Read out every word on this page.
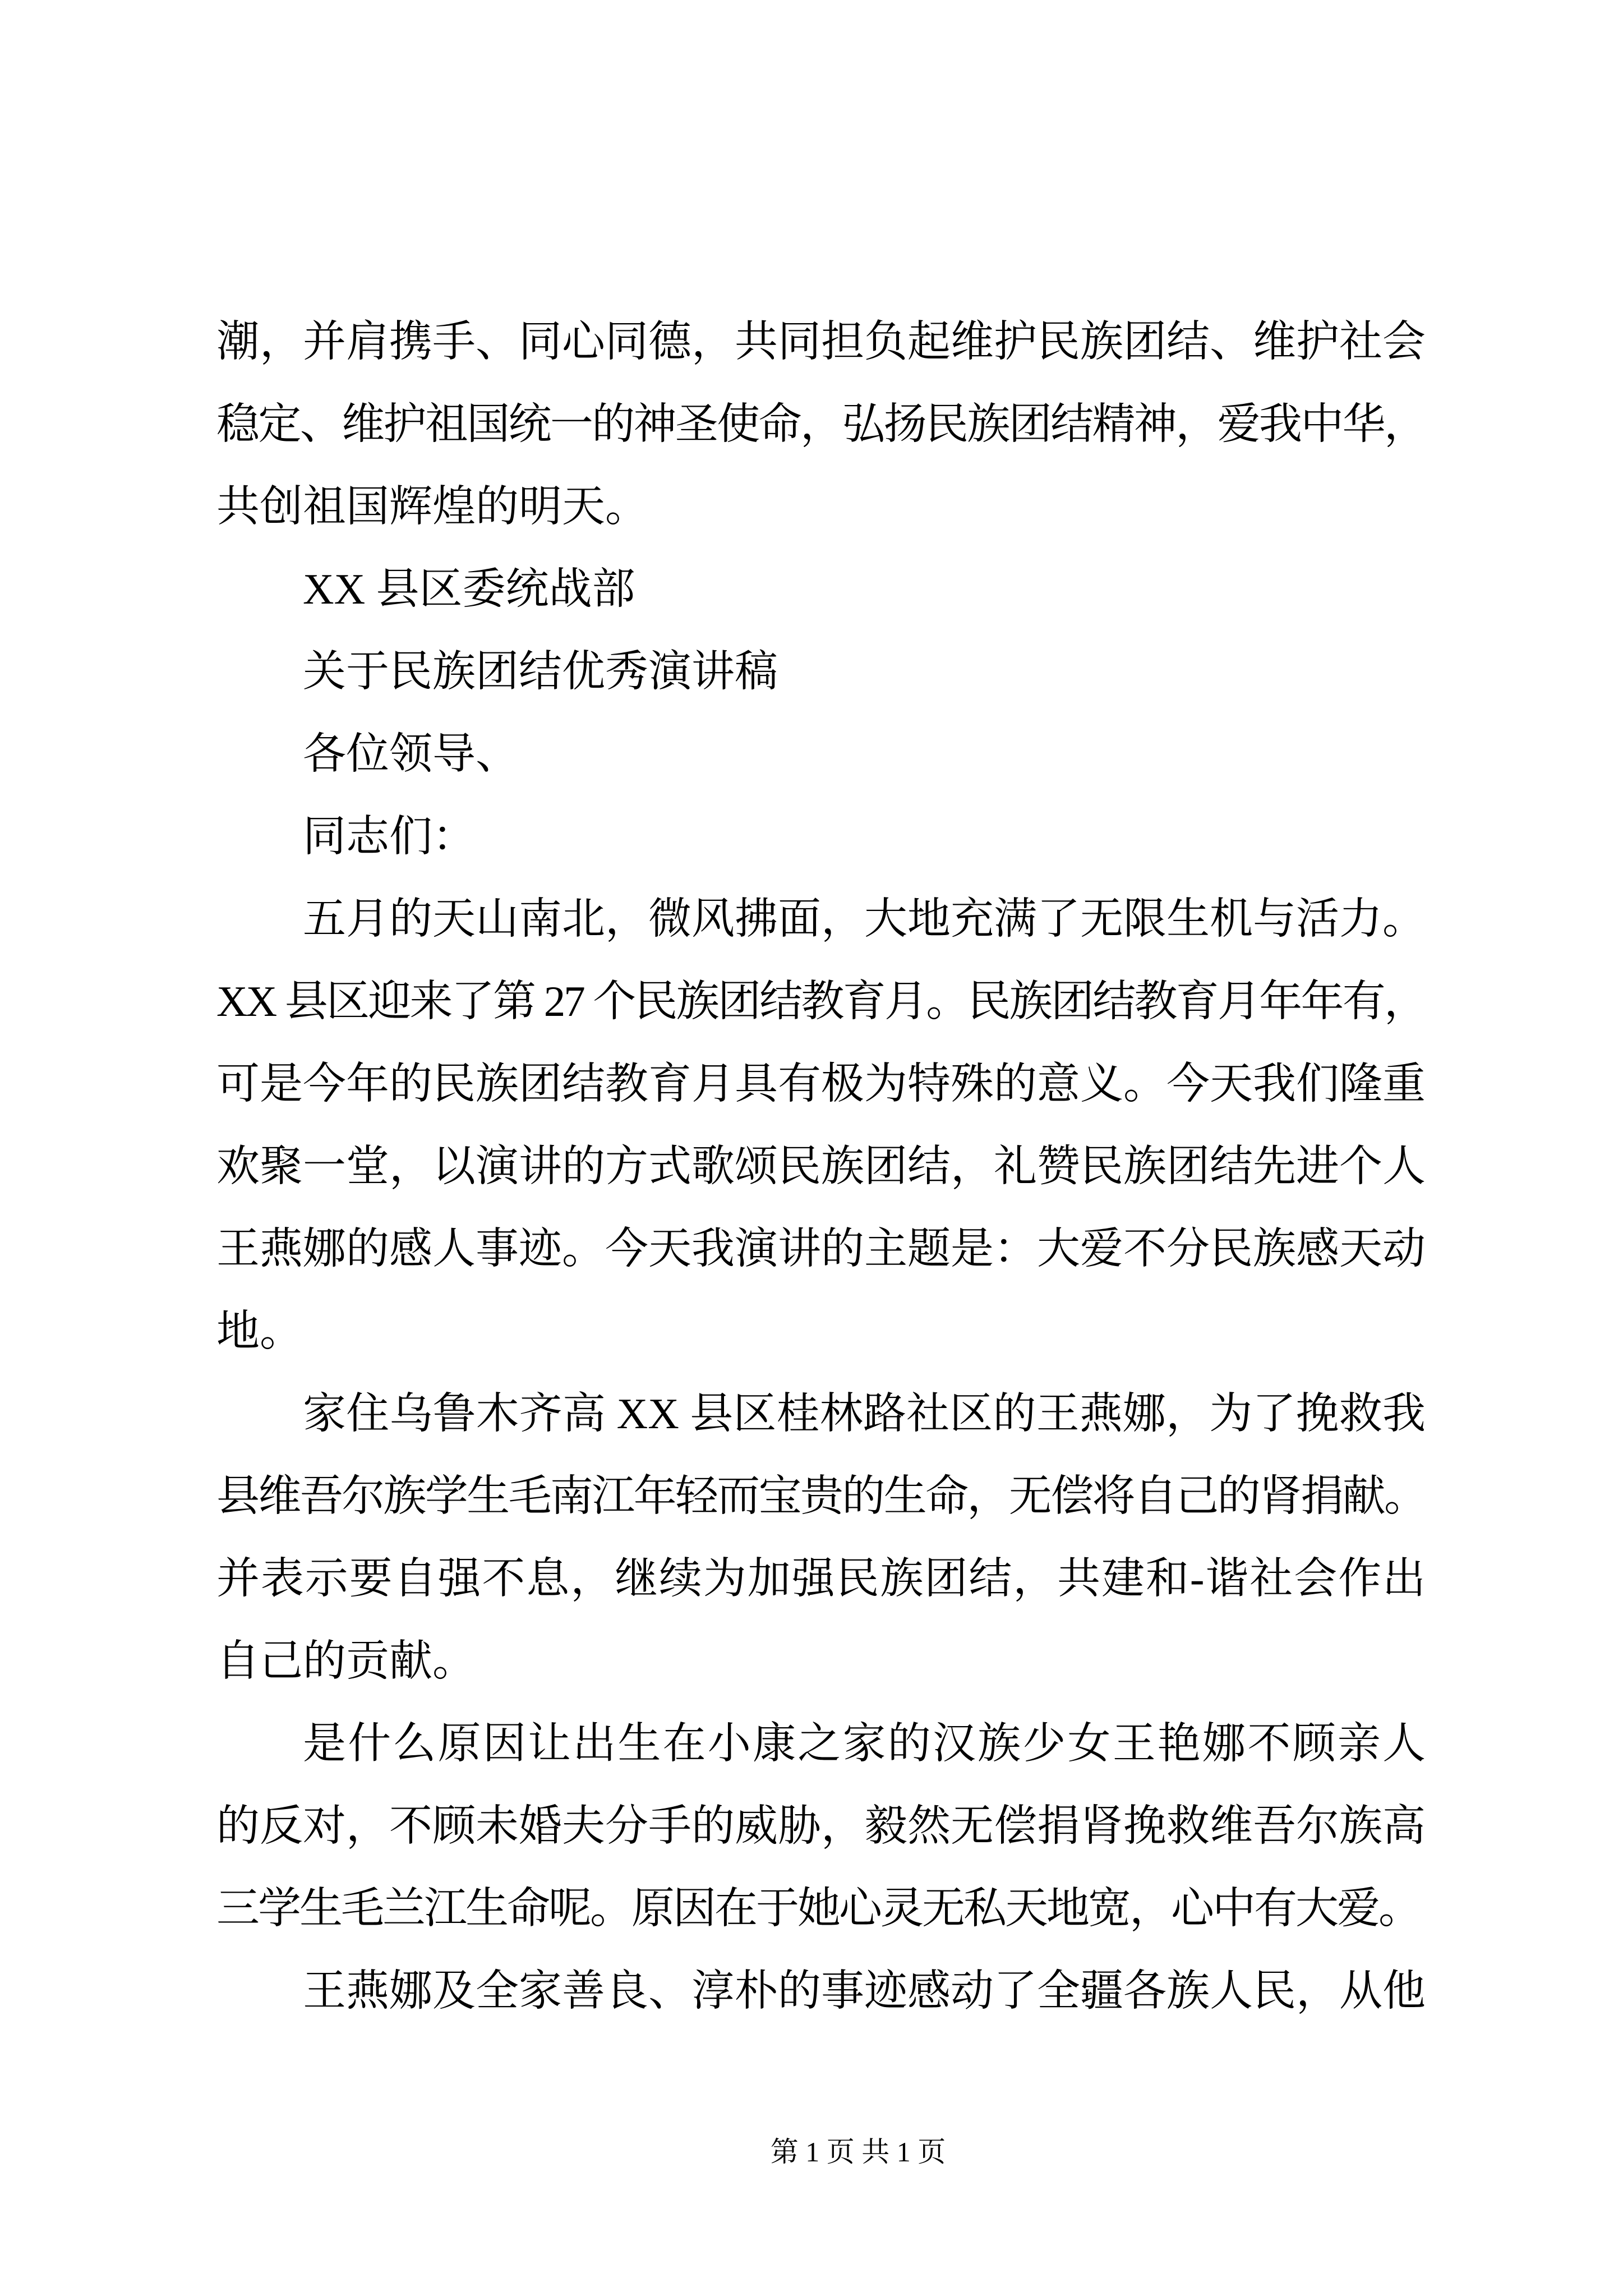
潮，并肩携手、同心同德，共同担负起维护民族团结、维护社会
稳定、维护祖国统一的神圣使命，弘扬民族团结精神，爱我中华，
共创祖国辉煌的明天。
XX 县区委统战部
关于民族团结优秀演讲稿
各位领导、
同志们：
五月的天山南北，微风拂面，大地充满了无限生机与活力。
XX 县区迎来了第 27 个民族团结教育月。民族团结教育月年年有，
可是今年的民族团结教育月具有极为特殊的意义。今天我们隆重
欢聚一堂，以演讲的方式歌颂民族团结，礼赞民族团结先进个人
王燕娜的感人事迹。今天我演讲的主题是：大爱不分民族感天动
地。
家住乌鲁木齐高 XX 县区桂林路社区的王燕娜，为了挽救我
县维吾尔族学生毛南江年轻而宝贵的生命，无偿将自己的肾捐献。
并表示要自强不息，继续为加强民族团结，共建和-谐社会作出
自己的贡献。
是什么原因让出生在小康之家的汉族少女王艳娜不顾亲人
的反对，不顾未婚夫分手的威胁，毅然无偿捐肾挽救维吾尔族高
三学生毛兰江生命呢。原因在于她心灵无私天地宽，心中有大爱。
王燕娜及全家善良、淳朴的事迹感动了全疆各族人民，从他
第 1 页 共 1 页
